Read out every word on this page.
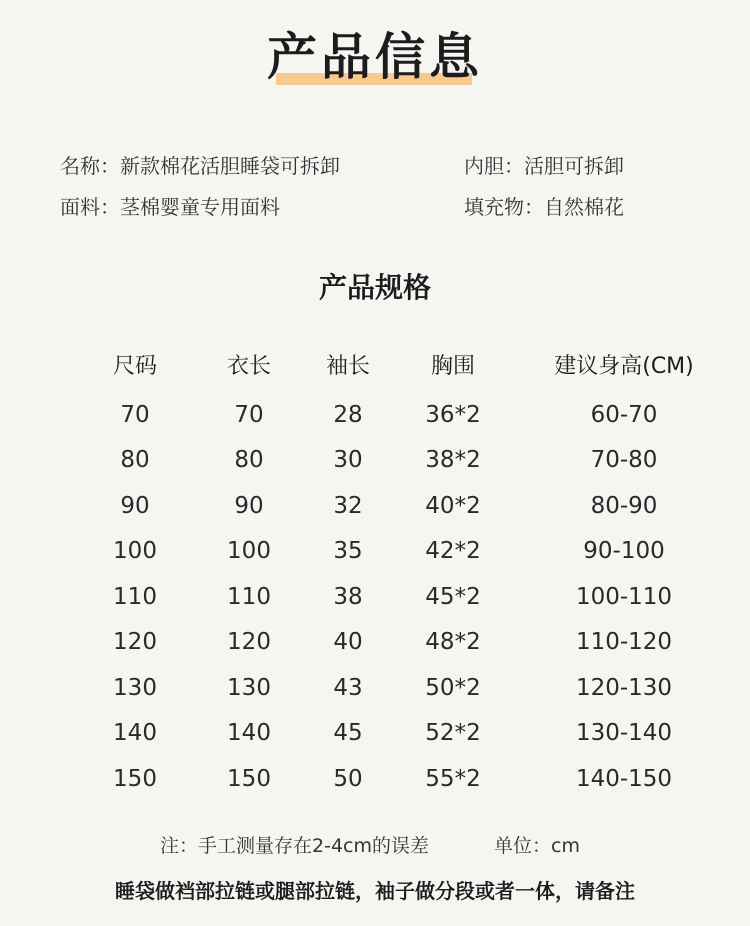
产品信息
名称：新款棉花活胆睡袋可拆卸	内胆：活胆可拆卸
面料：茎棉婴童专用面料	填充物：自然棉花
产品规格
尺码	衣长	袖长	胸围	建议身高(CM)
70	70	28	36*2	60-70
80	80	30	38*2	70-80
90	90	32	40*2	80-90
100	100	35	42*2	90-100
110	110	38	45*2	100-110
120	120	40	48*2	110-120
130	130	43	50*2	120-130
140	140	45	52*2	130-140
150	150	50	55*2	140-150
注：手工测量存在2-4cm的误差	单位：cm
睡袋做裆部拉链或腿部拉链，袖子做分段或者一体，请备注
